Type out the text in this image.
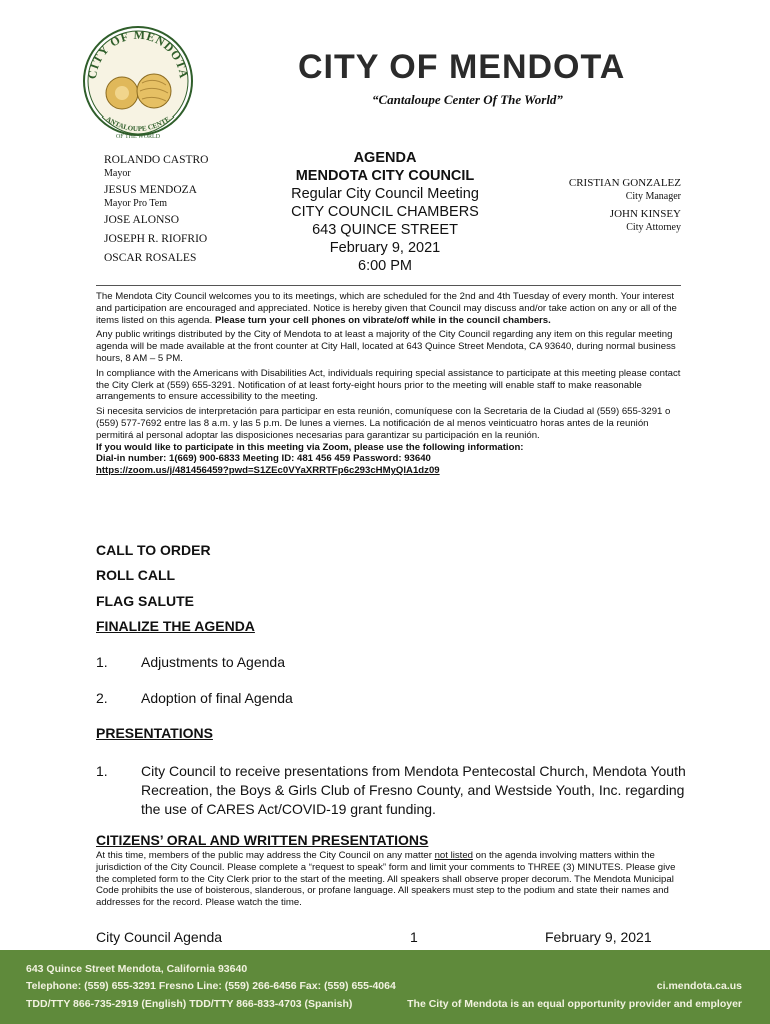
CITY OF MENDOTA
ANTALOUPE CENTE
OF THE WORLD
CITY OF MENDOTA
“Cantaloupe Center Of The World”
ROLANDO CASTRO
Mayor
JESUS MENDOZA
Mayor Pro Tem
JOSE ALONSO
JOSEPH R. RIOFRIO
OSCAR ROSALES
AGENDA
MENDOTA CITY COUNCIL
Regular City Council Meeting
CITY COUNCIL CHAMBERS
643 QUINCE STREET
February 9, 2021
6:00 PM
CRISTIAN GONZALEZ
City Manager
JOHN KINSEY
City Attorney

The Mendota City Council welcomes you to its meetings, which are scheduled for the 2nd and 4th Tuesday of every month. Your interest and participation are encouraged and appreciated. Notice is hereby given that Council may discuss and/or take action on any or all of the items listed on this agenda. Please turn your cell phones on vibrate/off while in the council chambers.

Any public writings distributed by the City of Mendota to at least a majority of the City Council regarding any item on this regular meeting agenda will be made available at the front counter at City Hall, located at 643 Quince Street Mendota, CA 93640, during normal business hours, 8 AM – 5 PM.

In compliance with the Americans with Disabilities Act, individuals requiring special assistance to participate at this meeting please contact the City Clerk at (559) 655-3291. Notification of at least forty-eight hours prior to the meeting will enable staff to make reasonable arrangements to ensure accessibility to the meeting.

Si necesita servicios de interpretación para participar en esta reunión, comuníquese con la Secretaria de la Ciudad al (559) 655-3291 o (559) 577-7692 entre las 8 a.m. y las 5 p.m. De lunes a viernes. La notificación de al menos veinticuatro horas antes de la reunión permitirá al personal adoptar las disposiciones necesarias para garantizar su participación en la reunión.

If you would like to participate in this meeting via Zoom, please use the following information:
Dial-in number: 1(669) 900-6833 Meeting ID: 481 456 459 Password: 93640
https://zoom.us/j/481456459?pwd=S1ZEc0VYaXRRTFp6c293cHMyQlA1dz09
CALL TO ORDER
ROLL CALL
FLAG SALUTE
FINALIZE THE AGENDA
1.	Adjustments to Agenda
2.	Adoption of final Agenda
PRESENTATIONS
1. City Council to receive presentations from Mendota Pentecostal Church, Mendota Youth Recreation, the Boys & Girls Club of Fresno County, and Westside Youth, Inc. regarding the use of CARES Act/COVID-19 grant funding.
CITIZENS’ ORAL AND WRITTEN PRESENTATIONS
At this time, members of the public may address the City Council on any matter not listed on the agenda involving matters within the jurisdiction of the City Council. Please complete a “request to speak” form and limit your comments to THREE (3) MINUTES. Please give the completed form to the City Clerk prior to the start of the meeting. All speakers shall observe proper decorum. The Mendota Municipal Code prohibits the use of boisterous, slanderous, or profane language. All speakers must step to the podium and state their names and addresses for the record. Please watch the time.
City Council Agenda	1	February 9, 2021
643 Quince Street Mendota, California 93640
Telephone: (559) 655-3291 Fresno Line: (559) 266-6456 Fax: (559) 655-4064
TDD/TTY 866-735-2919 (English) TDD/TTY 866-833-4703 (Spanish)
ci.mendota.ca.us
The City of Mendota is an equal opportunity provider and employer
